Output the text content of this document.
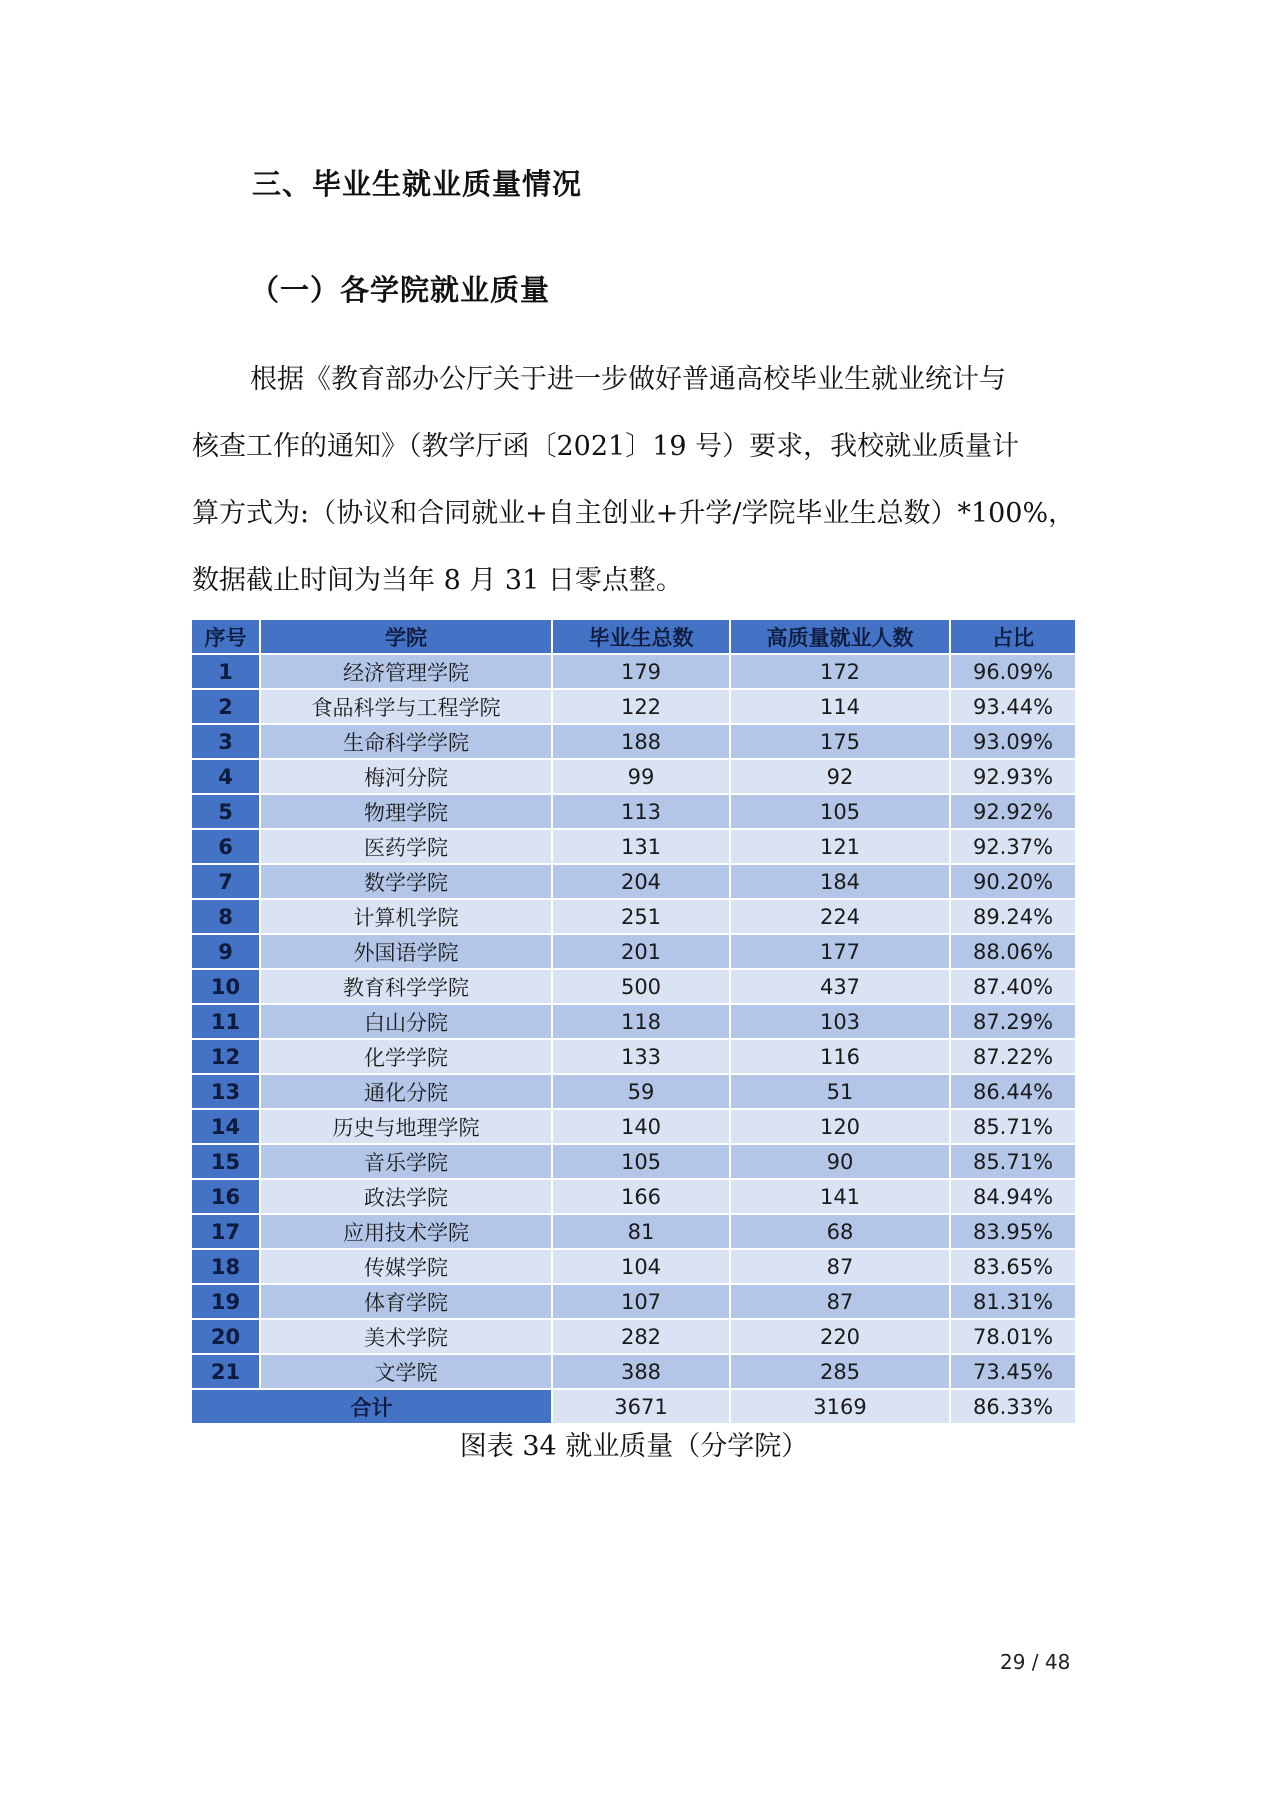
三、毕业生就业质量情况
（一）各学院就业质量
根据《教育部办公厅关于进一步做好普通高校毕业生就业统计与
核查工作的通知》（教学厅函〔2021〕19 号）要求，我校就业质量计
算方式为:（协议和合同就业+自主创业+升学/学院毕业生总数）*100%，
数据截止时间为当年 8 月 31 日零点整。
序号	学院	毕业生总数	高质量就业人数	占比
1	经济管理学院	179	172	96.09%
2	食品科学与工程学院	122	114	93.44%
3	生命科学学院	188	175	93.09%
4	梅河分院	99	92	92.93%
5	物理学院	113	105	92.92%
6	医药学院	131	121	92.37%
7	数学学院	204	184	90.20%
8	计算机学院	251	224	89.24%
9	外国语学院	201	177	88.06%
10	教育科学学院	500	437	87.40%
11	白山分院	118	103	87.29%
12	化学学院	133	116	87.22%
13	通化分院	59	51	86.44%
14	历史与地理学院	140	120	85.71%
15	音乐学院	105	90	85.71%
16	政法学院	166	141	84.94%
17	应用技术学院	81	68	83.95%
18	传媒学院	104	87	83.65%
19	体育学院	107	87	81.31%
20	美术学院	282	220	78.01%
21	文学院	388	285	73.45%
合计		3671	3169	86.33%
图表 34 就业质量（分学院）
29 / 48
